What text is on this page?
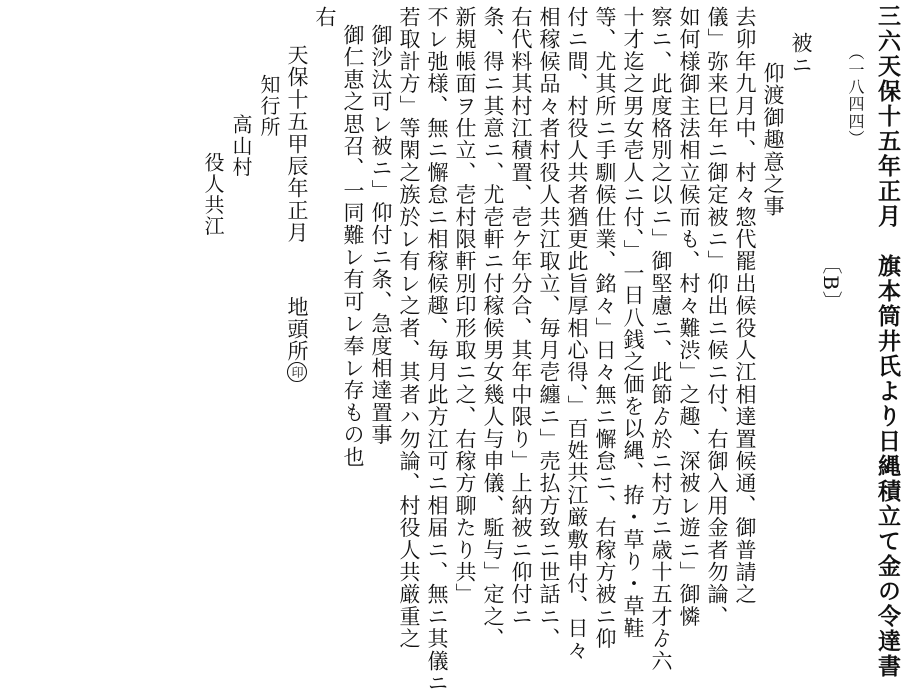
三六天保十五年正月　旗本筒井氏より日縄積立て金の令達書
（一八四四）
〔B〕
被ニ
仰渡御趣意之事
去卯年九月中、村々惣代罷出候役人江相達置候通、御普請之
儀」弥来巳年ニ御定被ニ」仰出ニ候ニ付、右御入用金者勿論、
如何様御主法相立候而も、村々難渋」之趣、深被レ遊ニ」御憐
察ニ、此度格別之以ニ」御堅慮ニ、此節ゟ於ニ村方ニ歳十五才ゟ六
十才迄之男女壱人ニ付、」一日八銭之価を以縄、拵・草り・草鞋
等、尤其所ニ手馴候仕業、銘々」日々無ニ懈怠ニ、右稼方被ニ仰
付ニ間、村役人共者猶更此旨厚相心得、」百姓共江厳敷申付、日々
相稼候品々者村役人共江取立、毎月壱纏ニ」売払方致ニ世話ニ、
右代料其村江積置、壱ケ年分合、其年中限り」上納被ニ仰付ニ
条、得ニ其意ニ、尤壱軒ニ付稼候男女幾人与申儀、駈与」定之、
新規帳面ヲ仕立、壱村限軒別印形取ニ之、右稼方聊たり共」
不レ弛様、無ニ懈怠ニ相稼候趣、毎月此方江可ニ相届ニ、無ニ其儀ニ
若取計方」等閑之族於レ有レ之者、其者ハ勿論、村役人共厳重之
御沙汰可レ被ニ」仰付ニ条、急度相達置事
御仁恵之思召、一同難レ有可レ奉レ存もの也
右
天保十五甲辰年正月地頭所印
知行所
高山村
役人共江
